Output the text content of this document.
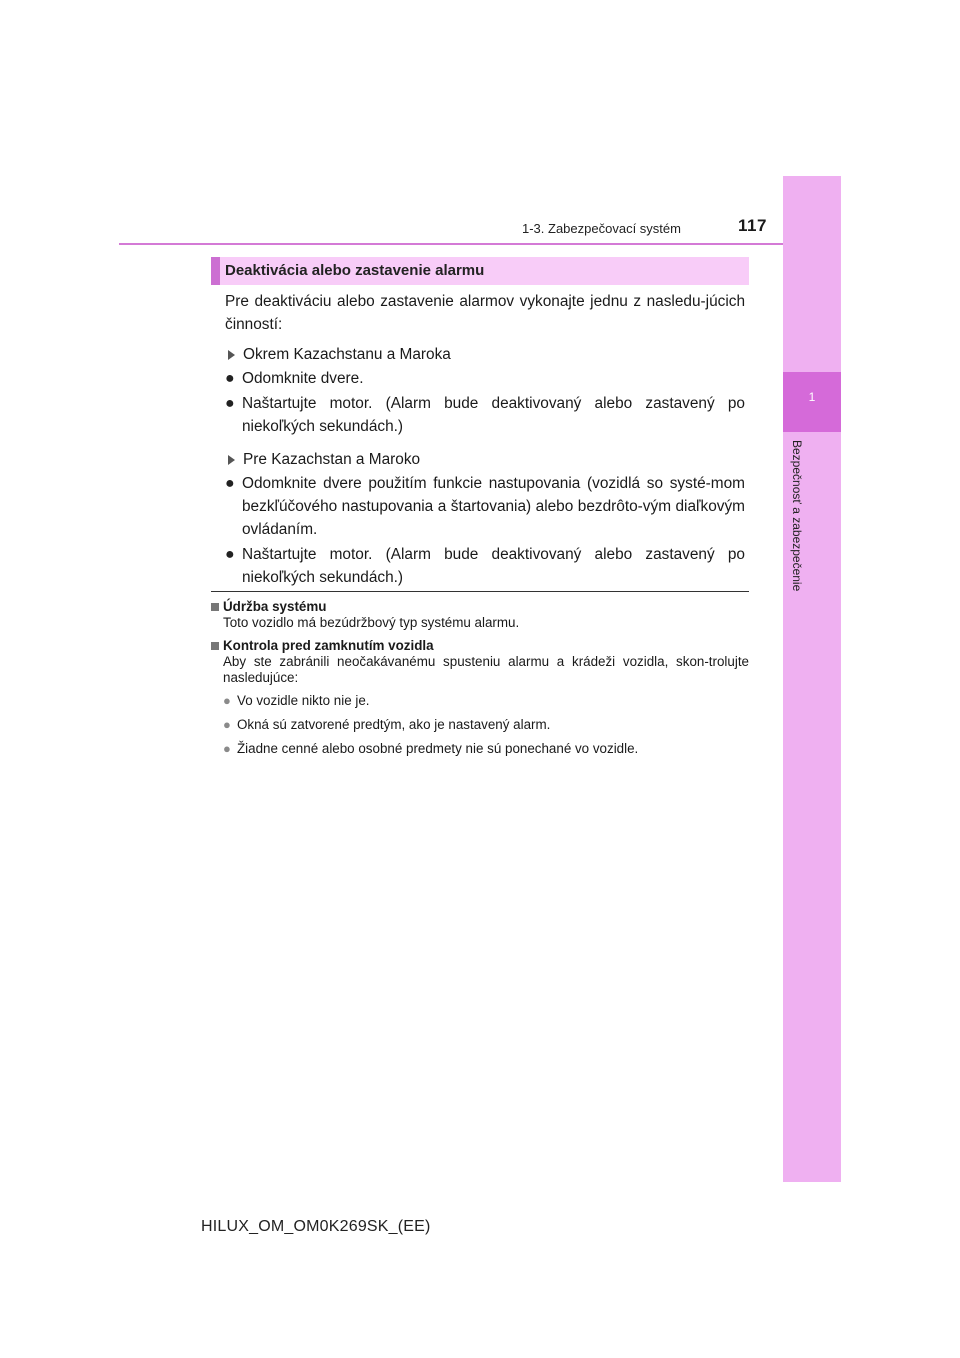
1-3. Zabezpečovací systém	117
1
Bezpečnosť a zabezpečenie
Deaktivácia alebo zastavenie alarmu

Pre deaktiváciu alebo zastavenie alarmov vykonajte jednu z nasledu-júcich činností:

Okrem Kazachstanu a Maroka
● Odomknite dvere.
● Naštartujte motor. (Alarm bude deaktivovaný alebo zastavený po niekoľkých sekundách.)
Pre Kazachstan a Maroko
● Odomknite dvere použitím funkcie nastupovania (vozidlá so systé-mom bezkľúčového nastupovania a štartovania) alebo bezdrôto-vým diaľkovým ovládaním.
● Naštartujte motor. (Alarm bude deaktivovaný alebo zastavený po niekoľkých sekundách.)
Údržba systému
Toto vozidlo má bezúdržbový typ systému alarmu.
Kontrola pred zamknutím vozidla
Aby ste zabránili neočakávanému spusteniu alarmu a krádeži vozidla, skon-trolujte nasledujúce:
● Vo vozidle nikto nie je.
● Okná sú zatvorené predtým, ako je nastavený alarm.
● Žiadne cenné alebo osobné predmety nie sú ponechané vo vozidle.
HILUX_OM_OM0K269SK_(EE)
